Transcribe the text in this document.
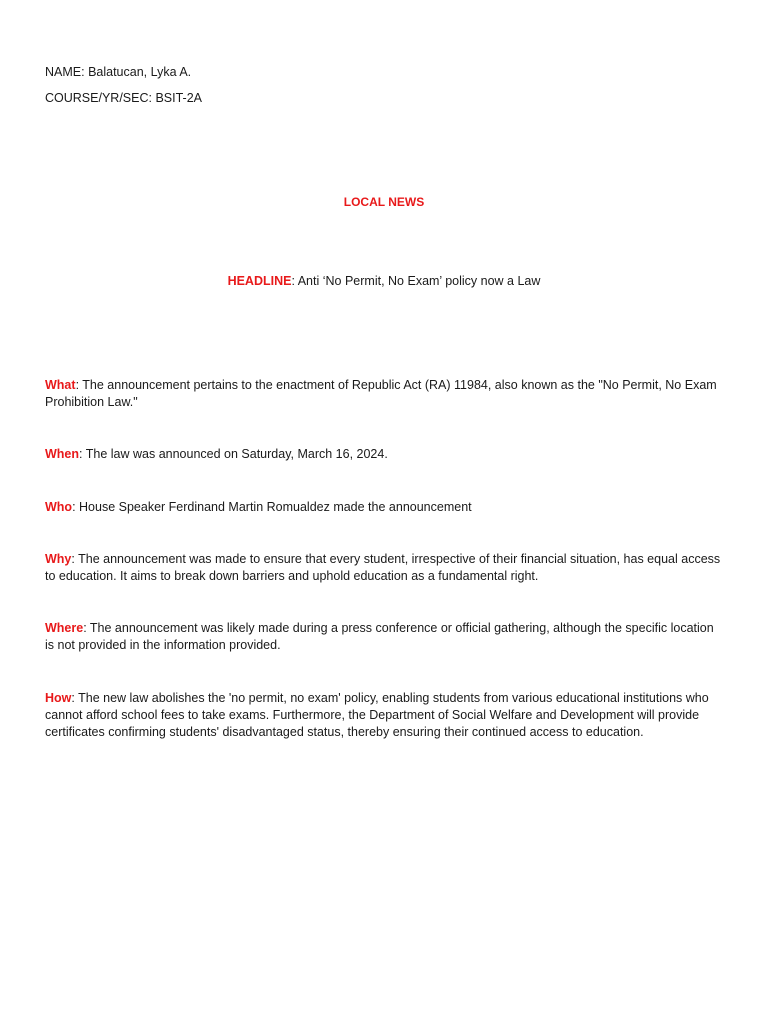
NAME: Balatucan, Lyka A.

COURSE/YR/SEC: BSIT-2A

LOCAL NEWS

HEADLINE: Anti ‘No Permit, No Exam’ policy now a Law

What: The announcement pertains to the enactment of Republic Act (RA) 11984, also known as the "No Permit, No Exam Prohibition Law."

When: The law was announced on Saturday, March 16, 2024.

Who: House Speaker Ferdinand Martin Romualdez made the announcement

Why: The announcement was made to ensure that every student, irrespective of their financial situation, has equal access to education. It aims to break down barriers and uphold education as a fundamental right.

Where: The announcement was likely made during a press conference or official gathering, although the specific location is not provided in the information provided.

How: The new law abolishes the 'no permit, no exam' policy, enabling students from various educational institutions who cannot afford school fees to take exams. Furthermore, the Department of Social Welfare and Development will provide certificates confirming students' disadvantaged status, thereby ensuring their continued access to education.
